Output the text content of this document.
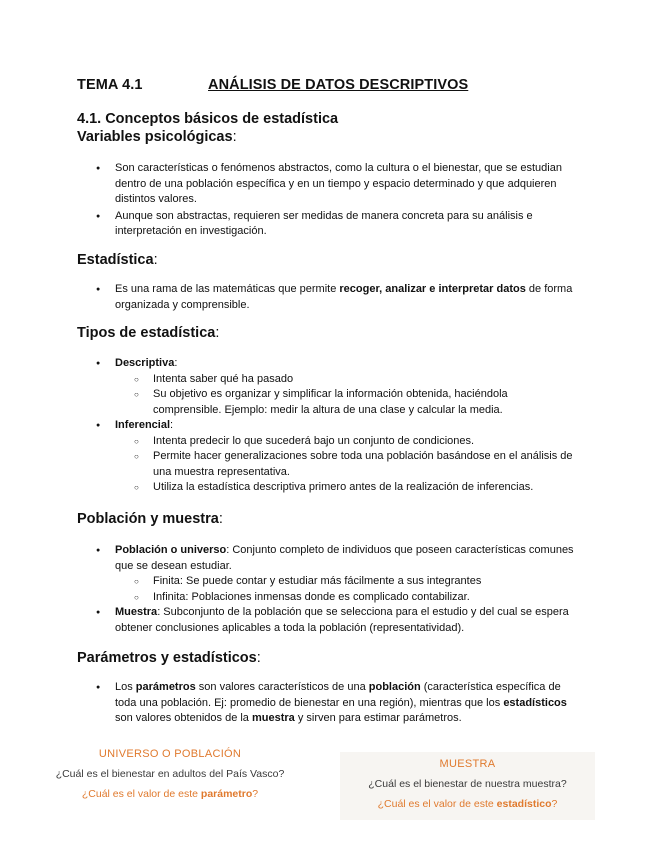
TEMA 4.1	ANÁLISIS DE DATOS DESCRIPTIVOS
4.1. Conceptos básicos de estadística
Variables psicológicas:
● Son características o fenómenos abstractos, como la cultura o el bienestar, que se estudian dentro de una población específica y en un tiempo y espacio determinado y que adquieren distintos valores.
● Aunque son abstractas, requieren ser medidas de manera concreta para su análisis e interpretación en investigación.
Estadística:
● Es una rama de las matemáticas que permite recoger, analizar e interpretar datos de forma organizada y comprensible.
Tipos de estadística:
● Descriptiva:
○ Intenta saber qué ha pasado
○ Su objetivo es organizar y simplificar la información obtenida, haciéndola comprensible. Ejemplo: medir la altura de una clase y calcular la media.
● Inferencial:
○ Intenta predecir lo que sucederá bajo un conjunto de condiciones.
○ Permite hacer generalizaciones sobre toda una población basándose en el análisis de una muestra representativa.
○ Utiliza la estadística descriptiva primero antes de la realización de inferencias.
Población y muestra:
● Población o universo: Conjunto completo de individuos que poseen características comunes que se desean estudiar.
○ Finita: Se puede contar y estudiar más fácilmente a sus integrantes
○ Infinita: Poblaciones inmensas donde es complicado contabilizar.
● Muestra: Subconjunto de la población que se selecciona para el estudio y del cual se espera obtener conclusiones aplicables a toda la población (representatividad).
Parámetros y estadísticos:
● Los parámetros son valores característicos de una población (característica específica de toda una población. Ej: promedio de bienestar en una región), mientras que los estadísticos son valores obtenidos de la muestra y sirven para estimar parámetros.
UNIVERSO O POBLACIÓN
¿Cuál es el bienestar en adultos del País Vasco?
¿Cuál es el valor de este parámetro?
MUESTRA
¿Cuál es el bienestar de nuestra muestra?
¿Cuál es el valor de este estadístico?
